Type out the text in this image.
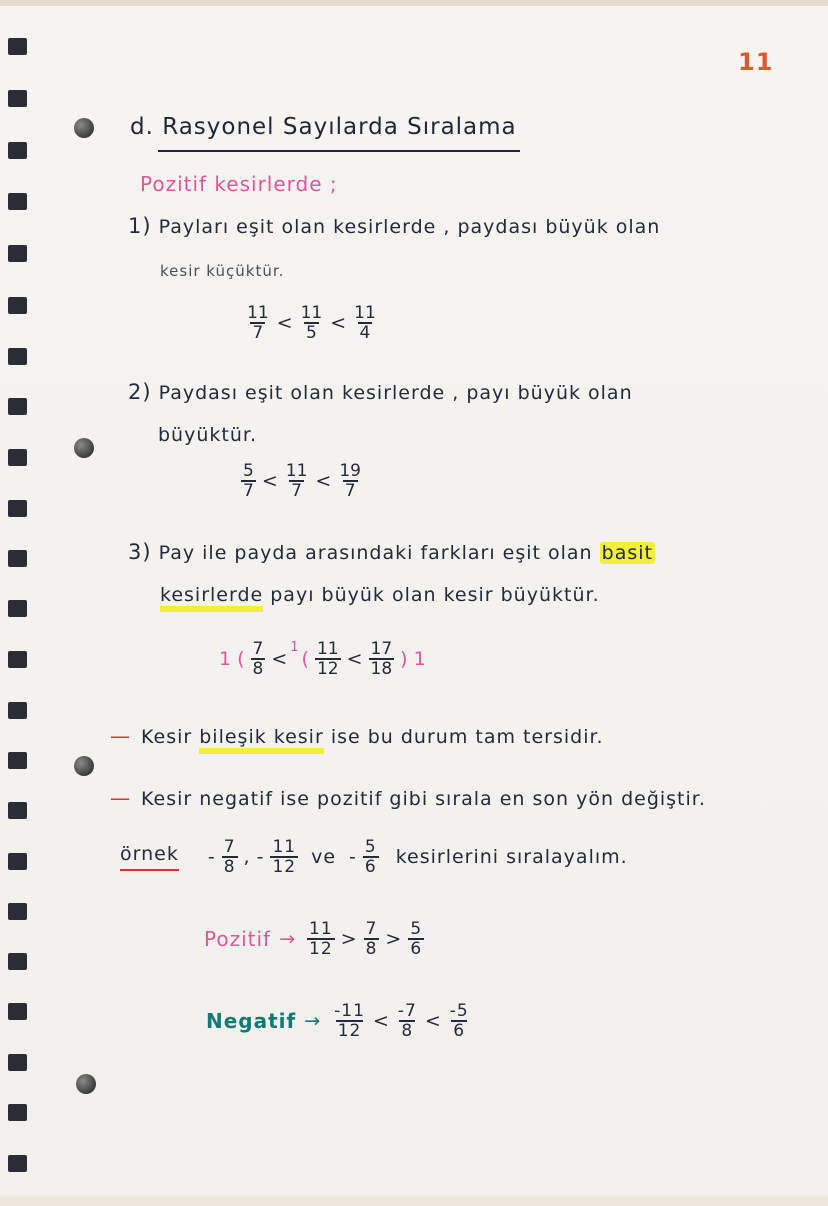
11
d. Rasyonel Sayılarda Sıralama
Pozitif kesirlerde ;
1) Payları eşit olan kesirlerde , paydası büyük olan
kesir küçüktür.
$\frac{11}{7} < \frac{11}{5} < \frac{11}{4}$
2) Paydası eşit olan kesirlerde , payı büyük olan
büyüktür.
$\frac{5}{7} < \frac{11}{7} < \frac{19}{7}$
3) Pay ile payda arasındaki farkları eşit olan basit
kesirlerde payı büyük olan kesir büyüktür.
1 ( $\frac{7}{8}$ <
1
( $\frac{11}{12} < \frac{17}{18}$ ) 1
— Kesir bileşik kesir ise bu durum tam tersidir.
— Kesir negatif ise pozitif gibi sırala en son yön değiştir.
örnek - $\frac{7}{8}$ , - $\frac{11}{12}$ ve - $\frac{5}{6}$ kesirlerini sıralayalım.
Pozitif → $\frac{11}{12} > \frac{7}{8} > \frac{5}{6}$
Negatif → $\frac{-11}{12} < \frac{-7}{8} < \frac{-5}{6}$
